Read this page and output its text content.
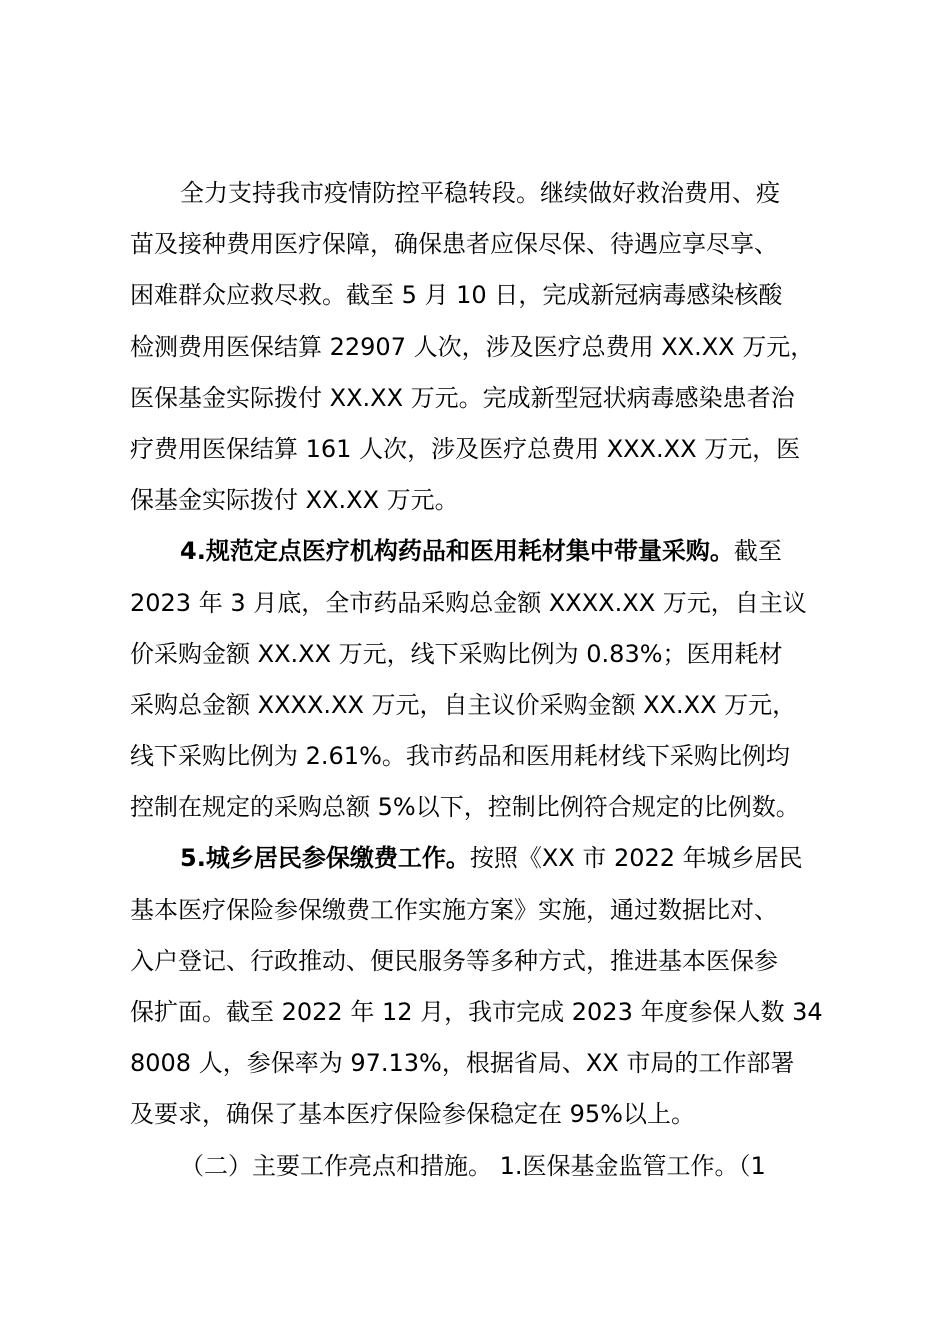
全力支持我市疫情防控平稳转段。继续做好救治费用、疫
苗及接种费用医疗保障，确保患者应保尽保、待遇应享尽享、
困难群众应救尽救。截至 5 月 10 日，完成新冠病毒感染核酸
检测费用医保结算 22907 人次，涉及医疗总费用 XX.XX 万元，
医保基金实际拨付 XX.XX 万元。完成新型冠状病毒感染患者治
疗费用医保结算 161 人次，涉及医疗总费用 XXX.XX 万元，医
保基金实际拨付 XX.XX 万元。
4.规范定点医疗机构药品和医用耗材集中带量采购。截至
2023 年 3 月底，全市药品采购总金额 XXXX.XX 万元，自主议
价采购金额 XX.XX 万元，线下采购比例为 0.83%；医用耗材
采购总金额 XXXX.XX 万元，自主议价采购金额 XX.XX 万元，
线下采购比例为 2.61%。我市药品和医用耗材线下采购比例均
控制在规定的采购总额 5%以下，控制比例符合规定的比例数。
5.城乡居民参保缴费工作。按照《XX 市 2022 年城乡居民
基本医疗保险参保缴费工作实施方案》实施，通过数据比对、
入户登记、行政推动、便民服务等多种方式，推进基本医保参
保扩面。截至 2022 年 12 月，我市完成 2023 年度参保人数 34
8008 人，参保率为 97.13%，根据省局、XX 市局的工作部署
及要求，确保了基本医疗保险参保稳定在 95%以上。
（二）主要工作亮点和措施。 1.医保基金监管工作。（1
